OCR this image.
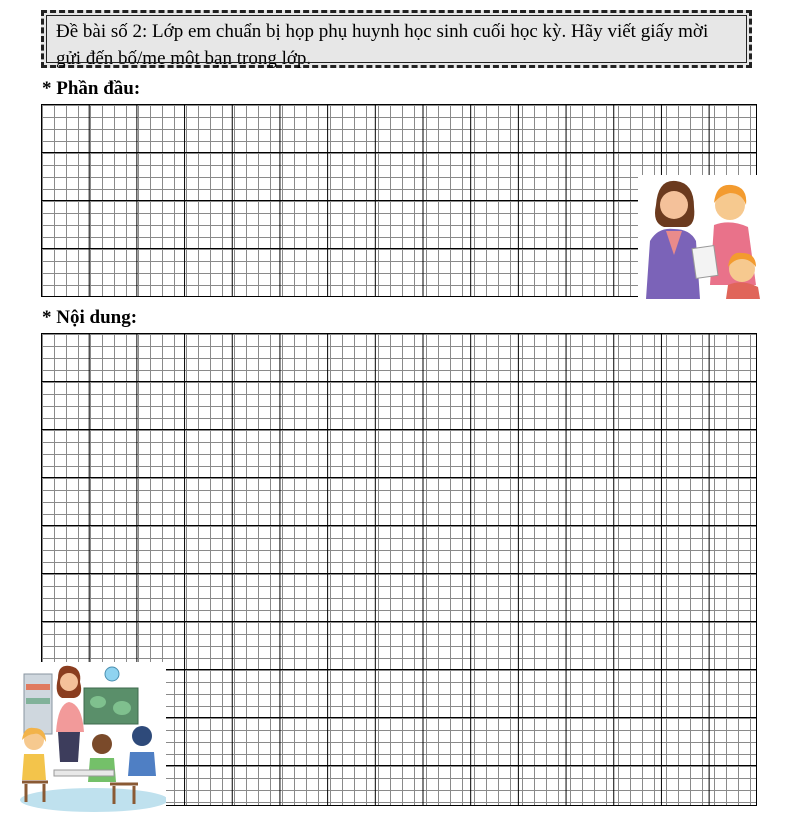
Đề bài số 2: Lớp em chuẩn bị họp phụ huynh học sinh cuối học kỳ. Hãy viết giấy mời gửi đến bố/mẹ một bạn trong lớp.
* Phần đầu:
* Nội dung:
